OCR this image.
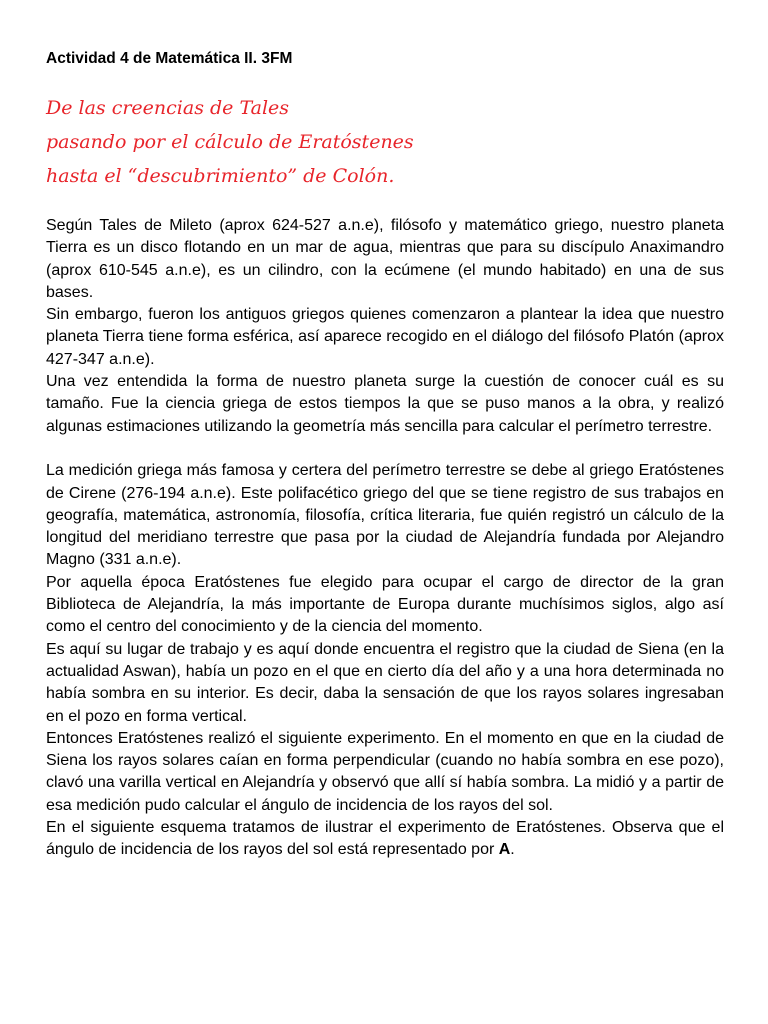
Actividad 4 de Matemática II. 3FM
De las creencias de Tales
pasando por el cálculo de Eratóstenes
hasta el “descubrimiento” de Colón.

Según Tales de Mileto (aprox 624-527 a.n.e), filósofo y matemático griego, nuestro planeta Tierra es un disco flotando en un mar de agua, mientras que para su discípulo Anaximandro (aprox 610-545 a.n.e), es un cilindro, con la ecúmene (el mundo habitado) en una de sus bases.

Sin embargo, fueron los antiguos griegos quienes comenzaron a plantear la idea que nuestro planeta Tierra tiene forma esférica, así aparece recogido en el diálogo del filósofo Platón (aprox 427-347 a.n.e).

Una vez entendida la forma de nuestro planeta surge la cuestión de conocer cuál es su tamaño. Fue la ciencia griega de estos tiempos la que se puso manos a la obra, y realizó algunas estimaciones utilizando la geometría más sencilla para calcular el perímetro terrestre.

La medición griega más famosa y certera del perímetro terrestre se debe al griego Eratóstenes de Cirene (276-194 a.n.e). Este polifacético griego del que se tiene registro de sus trabajos en geografía, matemática, astronomía, filosofía, crítica literaria, fue quién registró un cálculo de la longitud del meridiano terrestre que pasa por la ciudad de Alejandría fundada por Alejandro Magno (331 a.n.e).

Por aquella época Eratóstenes fue elegido para ocupar el cargo de director de la gran Biblioteca de Alejandría, la más importante de Europa durante muchísimos siglos, algo así como el centro del conocimiento y de la ciencia del momento.

Es aquí su lugar de trabajo y es aquí donde encuentra el registro que la ciudad de Siena (en la actualidad Aswan), había un pozo en el que en cierto día del año y a una hora determinada no había sombra en su interior. Es decir, daba la sensación de que los rayos solares ingresaban en el pozo en forma vertical.

Entonces Eratóstenes realizó el siguiente experimento. En el momento en que en la ciudad de Siena los rayos solares caían en forma perpendicular (cuando no había sombra en ese pozo), clavó una varilla vertical en Alejandría y observó que allí sí había sombra. La midió y a partir de esa medición pudo calcular el ángulo de incidencia de los rayos del sol.

En el siguiente esquema tratamos de ilustrar el experimento de Eratóstenes. Observa que el ángulo de incidencia de los rayos del sol está representado por A.
